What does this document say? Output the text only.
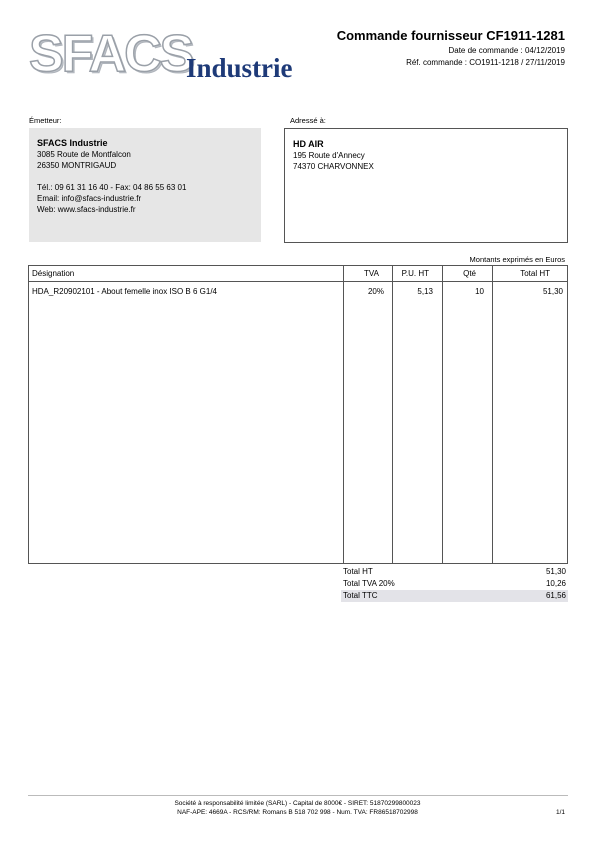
SFACS
Industrie
Commande fournisseur CF1911-1281
Date de commande : 04/12/2019
Réf. commande : CO1911-1218 / 27/11/2019
Émetteur:
SFACS Industrie
3085 Route de Montfalcon
26350 MONTRIGAUD
Tél.: 09 61 31 16 40 - Fax: 04 86 55 63 01
Email: info@sfacs-industrie.fr
Web: www.sfacs-industrie.fr
Adressé à:
HD AIR
195 Route d'Annecy
74370 CHARVONNEX
Montants exprimés en Euros
Désignation	TVA	P.U. HT	Qté	Total HT
HDA_R20902101 - About femelle inox ISO B 6 G1/4	20%	5,13	10	51,30
Total HT	51,30
Total TVA 20%	10,26
Total TTC	61,56
Société à responsabilité limitée (SARL) - Capital de 8000€ - SIRET: 51870299800023
NAF-APE: 4669A - RCS/RM: Romans B 518 702 998 - Num. TVA: FR86518702998	1/1
